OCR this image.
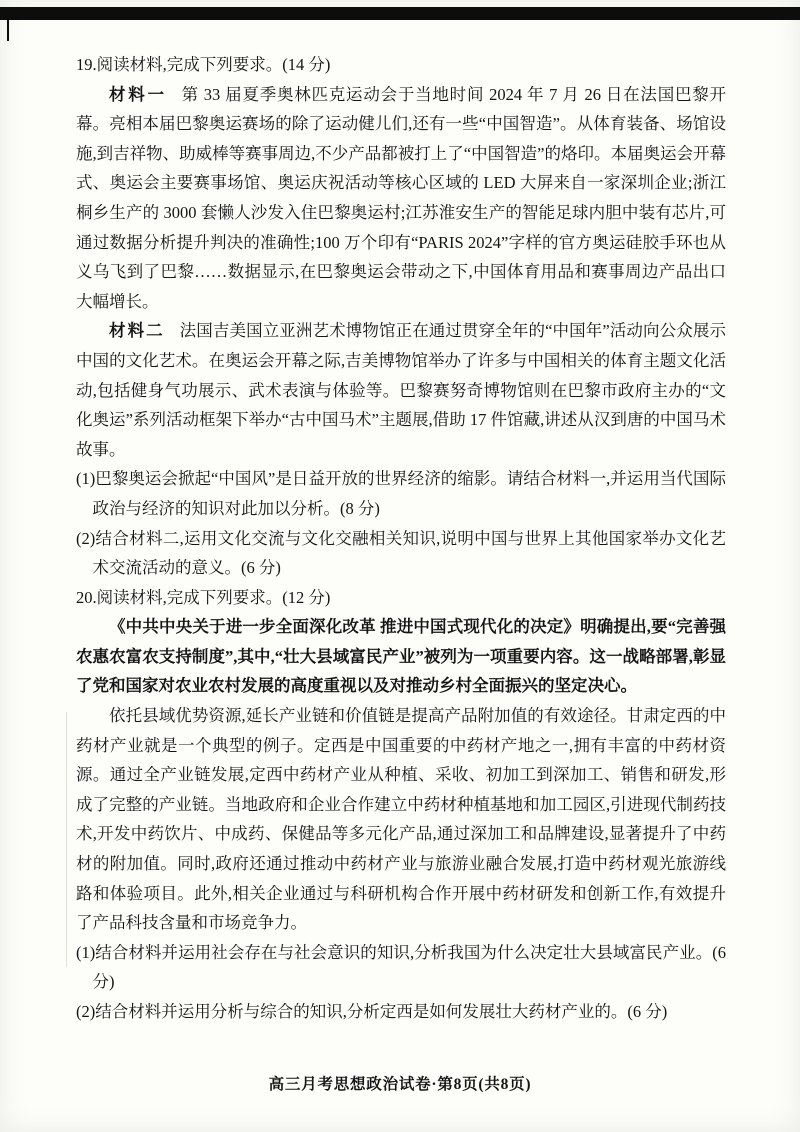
19.阅读材料,完成下列要求。(14 分)

材料一 第 33 届夏季奥林匹克运动会于当地时间 2024 年 7 月 26 日在法国巴黎开幕。亮相本届巴黎奥运赛场的除了运动健儿们,还有一些“中国智造”。从体育装备、场馆设施,到吉祥物、助威棒等赛事周边,不少产品都被打上了“中国智造”的烙印。本届奥运会开幕式、奥运会主要赛事场馆、奥运庆祝活动等核心区域的 LED 大屏来自一家深圳企业;浙江桐乡生产的 3000 套懒人沙发入住巴黎奥运村;江苏淮安生产的智能足球内胆中装有芯片,可通过数据分析提升判决的准确性;100 万个印有“PARIS 2024”字样的官方奥运硅胶手环也从义乌飞到了巴黎……数据显示,在巴黎奥运会带动之下,中国体育用品和赛事周边产品出口大幅增长。

材料二 法国吉美国立亚洲艺术博物馆正在通过贯穿全年的“中国年”活动向公众展示中国的文化艺术。在奥运会开幕之际,吉美博物馆举办了许多与中国相关的体育主题文化活动,包括健身气功展示、武术表演与体验等。巴黎赛努奇博物馆则在巴黎市政府主办的“文化奥运”系列活动框架下举办“古中国马术”主题展,借助 17 件馆藏,讲述从汉到唐的中国马术故事。

(1)巴黎奥运会掀起“中国风”是日益开放的世界经济的缩影。请结合材料一,并运用当代国际政治与经济的知识对此加以分析。(8 分)

(2)结合材料二,运用文化交流与文化交融相关知识,说明中国与世界上其他国家举办文化艺术交流活动的意义。(6 分)

20.阅读材料,完成下列要求。(12 分)

《中共中央关于进一步全面深化改革 推进中国式现代化的决定》明确提出,要“完善强农惠农富农支持制度”,其中,“壮大县域富民产业”被列为一项重要内容。这一战略部署,彰显了党和国家对农业农村发展的高度重视以及对推动乡村全面振兴的坚定决心。

依托县域优势资源,延长产业链和价值链是提高产品附加值的有效途径。甘肃定西的中药材产业就是一个典型的例子。定西是中国重要的中药材产地之一,拥有丰富的中药材资源。通过全产业链发展,定西中药材产业从种植、采收、初加工到深加工、销售和研发,形成了完整的产业链。当地政府和企业合作建立中药材种植基地和加工园区,引进现代制药技术,开发中药饮片、中成药、保健品等多元化产品,通过深加工和品牌建设,显著提升了中药材的附加值。同时,政府还通过推动中药材产业与旅游业融合发展,打造中药材观光旅游线路和体验项目。此外,相关企业通过与科研机构合作开展中药材研发和创新工作,有效提升了产品科技含量和市场竞争力。

(1)结合材料并运用社会存在与社会意识的知识,分析我国为什么决定壮大县域富民产业。(6分)

(2)结合材料并运用分析与综合的知识,分析定西是如何发展壮大药材产业的。(6 分)

高三月考思想政治试卷·第8页(共8页)
